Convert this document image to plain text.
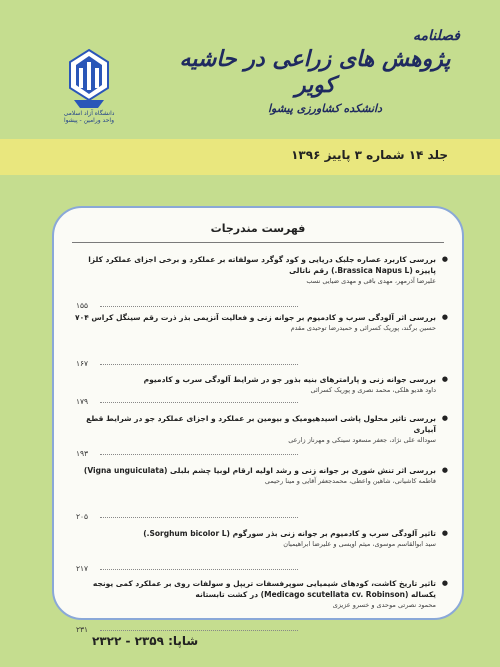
دانشگاه آزاد اسلامی
واحد ورامین - پیشوا
فصلنامه
پژوهش های زراعی در حاشیه کویر
دانشکده کشاورزی پیشوا
جلد ۱۴ شماره ۳ پاییز ۱۳۹۶
فهرست مندرجات
● بررسی کاربرد عصاره جلبک دریایی و کود گوگرد سولفاته بر عملکرد و برخی اجزای عملکرد کلزا پاییزه (Brassica Napus L.) رقم ناتالی
علیرضا آذرمهر، مهدی باقی و مهدی ضیایی نسب
۱۵۵
● بررسی اثر آلودگی سرب و کادمیوم بر جوانه زنی و فعالیت آنزیمی بذر ذرت رقم سینگل کراس ۷۰۴
حسین برگند، پوریک کسرائی و حمیدرضا توحیدی مقدم
۱۶۷
● بررسی جوانه زنی و پارامترهای بنیه بذور جو در شرایط آلودگی سرب و کادمیوم
داود هدیو هلکی، محمد نصری و پوریک کسرائی
۱۷۹
● بررسی تاثیر محلول پاشی اسیدهیومیک و بیومین بر عملکرد و اجزای عملکرد جو در شرایط قطع آبیاری
سوداله علی نژاد، جعفر مسعود سینکی و مهرناز زارعی
۱۹۳
● بررسی اثر تنش شوری بر جوانه زنی و رشد اولیه ارقام لوبیا چشم بلبلی (Vigna unguiculata)
فاطمه کاشیانی، شاهین واعظی، محمدجعفر آقایی و مینا رحیمی
۲۰۵
● تاثیر آلودگی سرب و کادمیوم بر جوانه زنی بذر سورگوم (Sorghum bicolor L.)
سید ابوالقاسم موسوی، میثم اویسی و علیرضا ابراهیمیان
۲۱۷
● تاثیر تاریخ کاشت، کودهای شیمیایی سوپرفسفات تریپل و سولفات روی بر عملکرد کمی یونجه یکساله (Medicago scutellata cv. Robinson) در کشت تابستانه
محمود نصرتی موحدی و خسرو عزیزی
۲۳۱
شاپا: ۲۳۵۹ - ۲۳۲۲
